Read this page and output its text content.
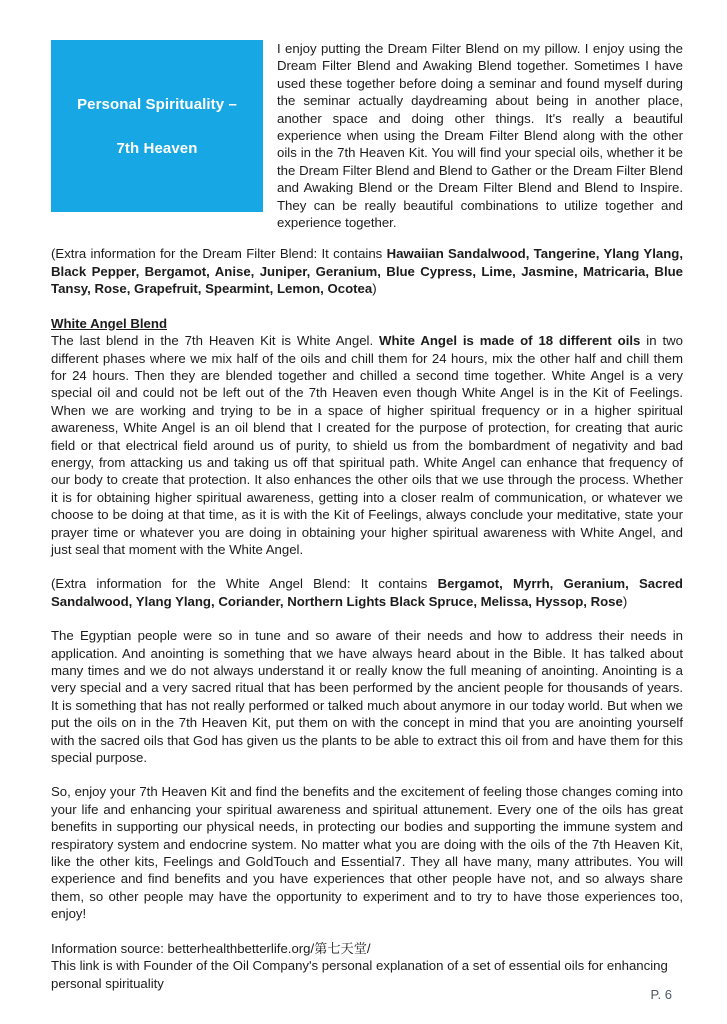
Personal Spirituality –
7th Heaven

I enjoy putting the Dream Filter Blend on my pillow. I enjoy using the Dream Filter Blend and Awaking Blend together. Sometimes I have used these together before doing a seminar and found myself during the seminar actually daydreaming about being in another place, another space and doing other things. It's really a beautiful experience when using the Dream Filter Blend along with the other oils in the 7th Heaven Kit. You will find your special oils, whether it be the Dream Filter Blend and Blend to Gather or the Dream Filter Blend and Awaking Blend or the Dream Filter Blend and Blend to Inspire. They can be really beautiful combinations to utilize together and experience together.

(Extra information for the Dream Filter Blend: It contains Hawaiian Sandalwood, Tangerine, Ylang Ylang, Black Pepper, Bergamot, Anise, Juniper, Geranium, Blue Cypress, Lime, Jasmine, Matricaria, Blue Tansy, Rose, Grapefruit, Spearmint, Lemon, Ocotea)

White Angel Blend

The last blend in the 7th Heaven Kit is White Angel. White Angel is made of 18 different oils in two different phases where we mix half of the oils and chill them for 24 hours, mix the other half and chill them for 24 hours. Then they are blended together and chilled a second time together. White Angel is a very special oil and could not be left out of the 7th Heaven even though White Angel is in the Kit of Feelings. When we are working and trying to be in a space of higher spiritual frequency or in a higher spiritual awareness, White Angel is an oil blend that I created for the purpose of protection, for creating that auric field or that electrical field around us of purity, to shield us from the bombardment of negativity and bad energy, from attacking us and taking us off that spiritual path. White Angel can enhance that frequency of our body to create that protection. It also enhances the other oils that we use through the process. Whether it is for obtaining higher spiritual awareness, getting into a closer realm of communication, or whatever we choose to be doing at that time, as it is with the Kit of Feelings, always conclude your meditative, state your prayer time or whatever you are doing in obtaining your higher spiritual awareness with White Angel, and just seal that moment with the White Angel.

(Extra information for the White Angel Blend: It contains Bergamot, Myrrh, Geranium, Sacred Sandalwood, Ylang Ylang, Coriander, Northern Lights Black Spruce, Melissa, Hyssop, Rose)

The Egyptian people were so in tune and so aware of their needs and how to address their needs in application. And anointing is something that we have always heard about in the Bible. It has talked about many times and we do not always understand it or really know the full meaning of anointing. Anointing is a very special and a very sacred ritual that has been performed by the ancient people for thousands of years. It is something that has not really performed or talked much about anymore in our today world. But when we put the oils on in the 7th Heaven Kit, put them on with the concept in mind that you are anointing yourself with the sacred oils that God has given us the plants to be able to extract this oil from and have them for this special purpose.

So, enjoy your 7th Heaven Kit and find the benefits and the excitement of feeling those changes coming into your life and enhancing your spiritual awareness and spiritual attunement. Every one of the oils has great benefits in supporting our physical needs, in protecting our bodies and supporting the immune system and respiratory system and endocrine system. No matter what you are doing with the oils of the 7th Heaven Kit, like the other kits, Feelings and GoldTouch and Essential7. They all have many, many attributes. You will experience and find benefits and you have experiences that other people have not, and so always share them, so other people may have the opportunity to experiment and to try to have those experiences too, enjoy!

Information source: betterhealthbetterlife.org/第七天堂/
This link is with Founder of the Oil Company's personal explanation of a set of essential oils for enhancing personal spirituality

P. 6
